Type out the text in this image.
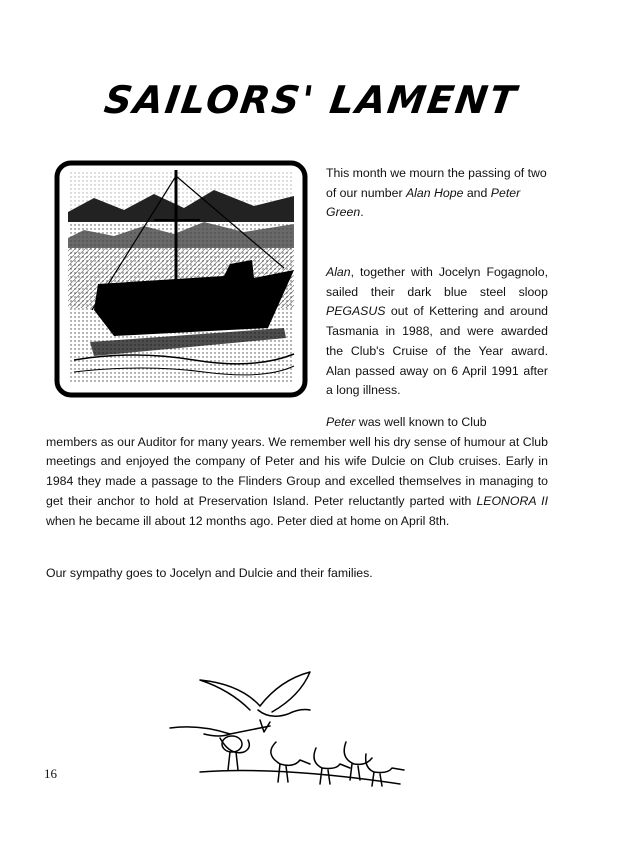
SAILORS' LAMENT

This month we mourn the passing of two of our number Alan Hope and Peter Green.

Alan, together with Jocelyn Fogagnolo, sailed their dark blue steel sloop PEGASUS out of Kettering and around Tasmania in 1988, and were awarded the Club's Cruise of the Year award. Alan passed away on 6 April 1991 after a long illness.

Peter was well known to Club
members as our Auditor for many years. We remember well his dry sense of humour at Club meetings and enjoyed the company of Peter and his wife Dulcie on Club cruises. Early in 1984 they made a passage to the Flinders Group and excelled themselves in managing to get their anchor to hold at Preservation Island. Peter reluctantly parted with LEONORA II when he became ill about 12 months ago. Peter died at home on April 8th.

Our sympathy goes to Jocelyn and Dulcie and their families.

16
